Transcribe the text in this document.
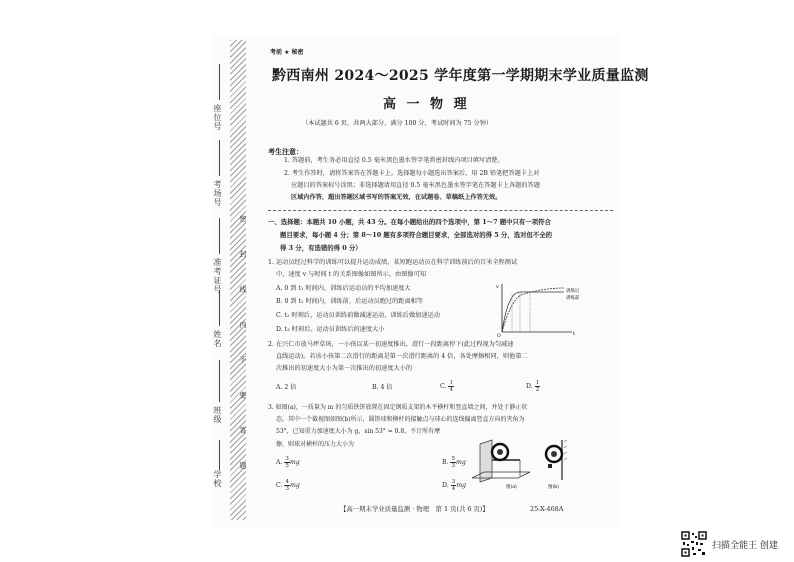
学校
班级
姓名
准考证号
考场号
座位号
密 封 线 内 不 要 答 题
考前 ★ 秘密
黔西南州 2024～2025 学年度第一学期期末学业质量监测
高 一 物 理
（本试题共 6 页，共两大部分，满分 100 分，考试时间为 75 分钟）
考生注意：
1. 答题前，考生务必用直径 0.5 毫米黑色墨水签字笔将密封线内项目填写清楚。
2. 考生作答时，请将答案答在答题卡上。选择题每小题选出答案后，用 2B 铅笔把答题卡上对
应题目的答案标号涂黑；非选择题请用直径 0.5 毫米黑色墨水签字笔在答题卡上各题的答题
区域内作答，超出答题区域书写的答案无效，在试题卷、草稿纸上作答无效。
一、选择题：本题共 10 小题，共 43 分。在每小题给出的四个选项中，第 1～7 题中只有一项符合
题目要求，每小题 4 分；第 8～10 题有多项符合题目要求，全部选对的得 5 分，选对但不全的
得 3 分，有选错的得 0 分）
1. 运动员经过科学的训练可以提升运动成绩，某短跑运动员在科学训练前后的百米全程测试
中，速度 v 与时间 t 的关系图像如图所示。由图像可知
A. 0 到 t₁ 时间内，训练后运动员的平均加速度大
B. 0 到 t₂ 时间内，训练前、后运动员跑过的距离相等
C. t₂ 时刻后，运动员训练前做减速运动，训练后做加速运动
D. t₃ 时刻后，运动员训练后的速度大小
v
t
O
训练后
训练前
2. 在兴仁市放马坪草场，一小孩以某一初速度推出，滑行一段距离停下(此过程视为匀减速
直线运动)。若该小孩第二次滑行的距离是第一次滑行距离的 4 倍，各处摩擦相同，则他第二
次推出的初速度大小为第一次推出的初速度大小的
A. 2 倍	B. 4 倍	C. $\frac{1}{4}$	D. $\frac{1}{2}$
3. 如图(a)，一质量为 m 的匀质铁饼放置在固定钢质支架的木平横杆和竖直墙之间，并处于静止状
态。其中一个截视图如图(b)所示，圆饼球和横杆的接触点与球心的连线偏离竖直方向的夹角为
53°，已知重力加速度大小为 g，sin 53° = 0.8，不计所有摩
擦，则球对横杆的压力大小为
A. $\frac{3}{5}$ mg	B. $\frac{5}{3}$ mg
C. $\frac{4}{3}$ mg	D. $\frac{3}{4}$ mg	图(a)	图(b)
【高一期末学业质量监测 · 物理　第 1 页(共 6 页)】	25-X-468A
扫描全能王 创建
